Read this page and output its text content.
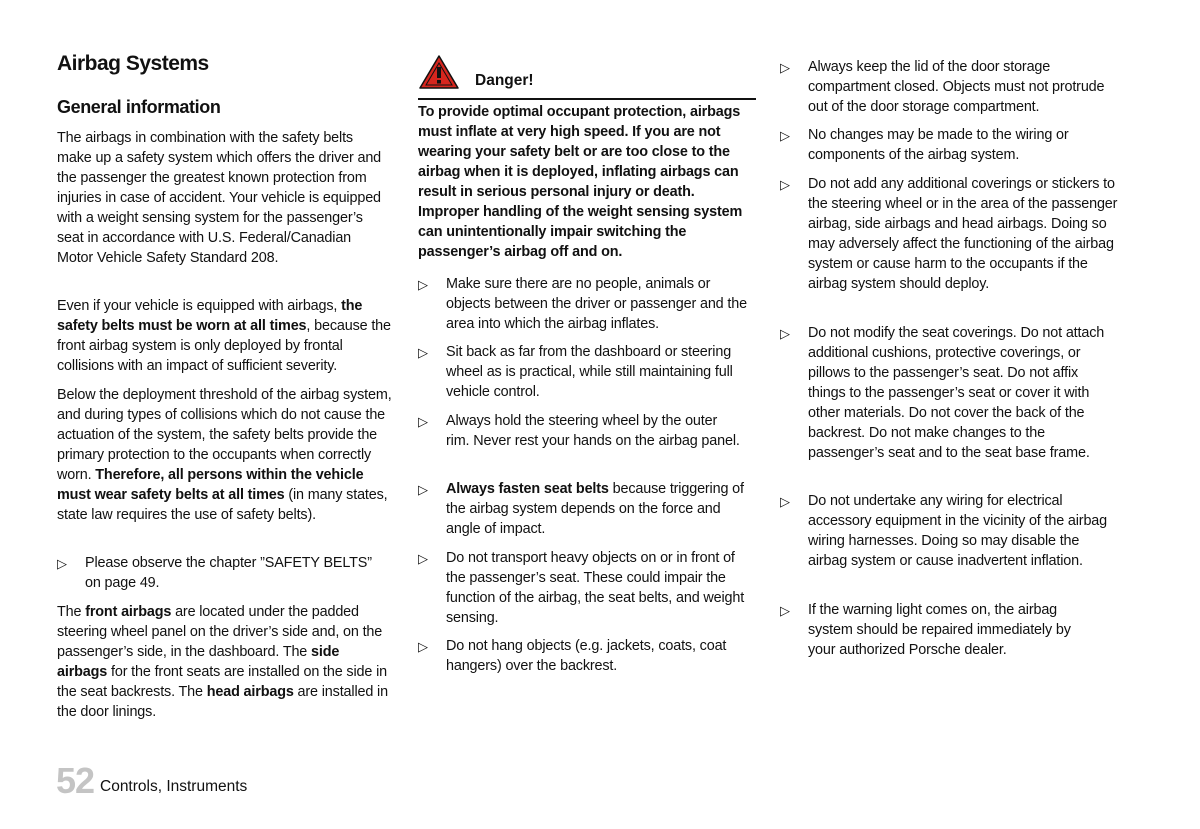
Airbag Systems
General information

The airbags in combination with the safety belts make up a safety system which offers the driver and the passenger the greatest known protection from injuries in case of accident. Your vehicle is equipped with a weight sensing system for the passenger’s seat in accordance with U.S. Federal/Canadian Motor Vehicle Safety Standard 208.

Even if your vehicle is equipped with airbags, the safety belts must be worn at all times, because the front airbag system is only deployed by frontal collisions with an impact of sufficient severity.

Below the deployment threshold of the airbag system, and during types of collisions which do not cause the actuation of the system, the safety belts provide the primary protection to the occupants when correctly worn. Therefore, all persons within the vehicle must wear safety belts at all times (in many states, state law requires the use of safety belts).

▷ Please observe the chapter ”SAFETY BELTS” on page 49.

The front airbags are located under the padded steering wheel panel on the driver’s side and, on the passenger’s side, in the dashboard. The side airbags for the front seats are installed on the side in the seat backrests. The head airbags are installed in the door linings.

Danger!

To provide optimal occupant protection, airbags must inflate at very high speed. If you are not wearing your safety belt or are too close to the airbag when it is deployed, inflating airbags can result in serious personal injury or death. Improper handling of the weight sensing system can unintentionally impair switching the passenger’s airbag off and on.

▷ Make sure there are no people, animals or objects between the driver or passenger and the area into which the airbag inflates.

▷ Sit back as far from the dashboard or steering wheel as is practical, while still maintaining full vehicle control.

▷ Always hold the steering wheel by the outer rim. Never rest your hands on the airbag panel.

▷ Always fasten seat belts because triggering of the airbag system depends on the force and angle of impact.

▷ Do not transport heavy objects on or in front of the passenger’s seat. These could impair the function of the airbag, the seat belts, and weight sensing.

▷ Do not hang objects (e.g. jackets, coats, coat hangers) over the backrest.

▷ Always keep the lid of the door storage compartment closed. Objects must not protrude out of the door storage compartment.

▷ No changes may be made to the wiring or components of the airbag system.

▷ Do not add any additional coverings or stickers to the steering wheel or in the area of the passenger airbag, side airbags and head airbags. Doing so may adversely affect the functioning of the airbag system or cause harm to the occupants if the airbag system should deploy.

▷ Do not modify the seat coverings. Do not attach additional cushions, protective coverings, or pillows to the passenger’s seat. Do not affix things to the passenger’s seat or cover it with other materials. Do not cover the back of the backrest. Do not make changes to the passenger’s seat and to the seat base frame.

▷ Do not undertake any wiring for electrical accessory equipment in the vicinity of the airbag wiring harnesses. Doing so may disable the airbag system or cause inadvertent inflation.

▷ If the warning light comes on, the airbag system should be repaired immediately by your authorized Porsche dealer.

52 Controls, Instruments
